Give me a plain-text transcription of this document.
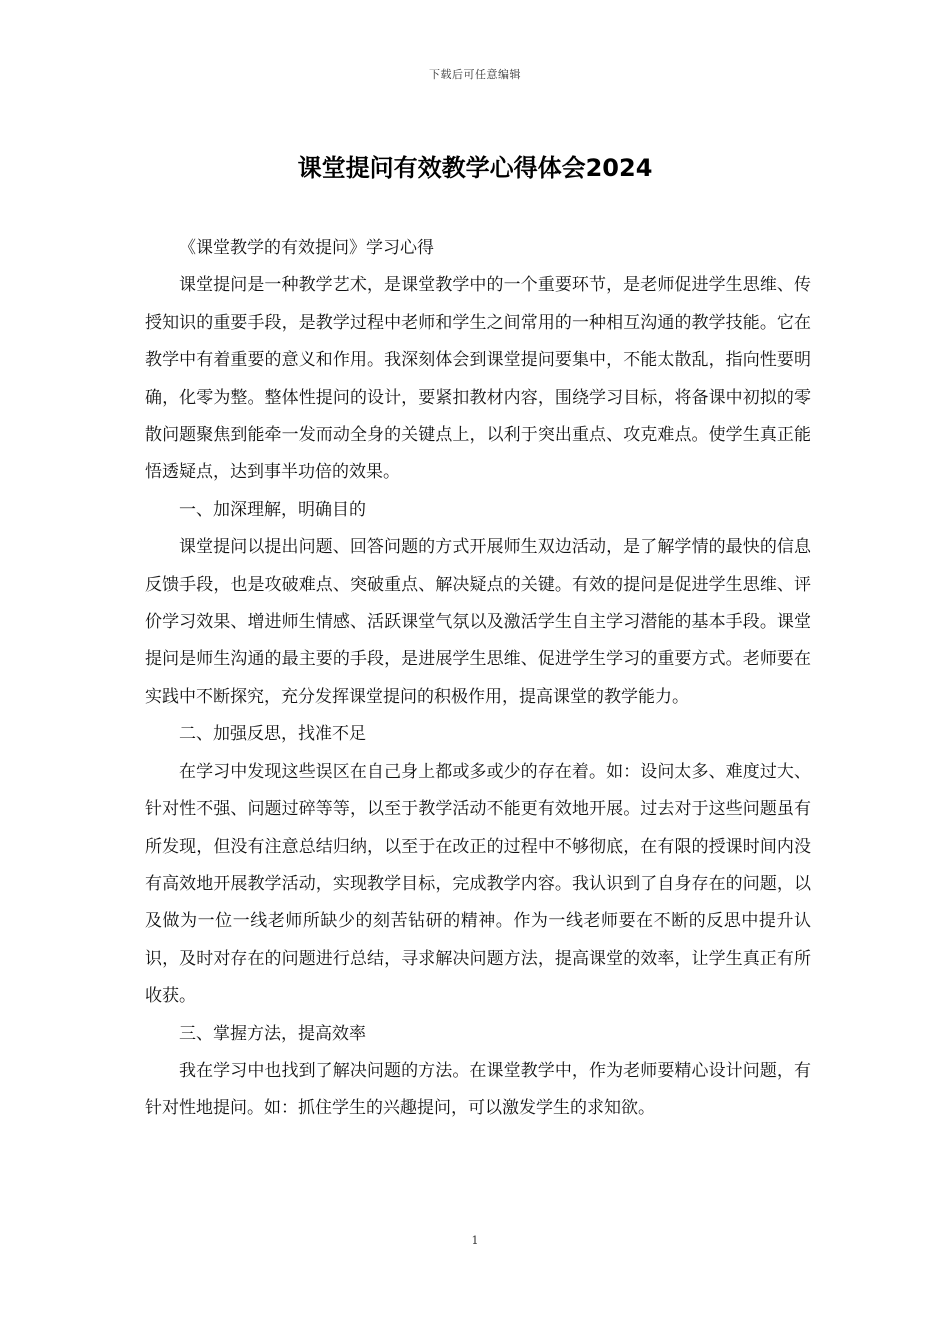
下载后可任意编辑
课堂提问有效教学心得体会2024

《课堂教学的有效提问》学习心得

课堂提问是一种教学艺术，是课堂教学中的一个重要环节，是老师促进学生思维、传授知识的重要手段，是教学过程中老师和学生之间常用的一种相互沟通的教学技能。它在教学中有着重要的意义和作用。我深刻体会到课堂提问要集中，不能太散乱，指向性要明确，化零为整。整体性提问的设计，要紧扣教材内容，围绕学习目标，将备课中初拟的零散问题聚焦到能牵一发而动全身的关键点上，以利于突出重点、攻克难点。使学生真正能悟透疑点，达到事半功倍的效果。

一、加深理解，明确目的

课堂提问以提出问题、回答问题的方式开展师生双边活动，是了解学情的最快的信息反馈手段，也是攻破难点、突破重点、解决疑点的关键。有效的提问是促进学生思维、评价学习效果、增进师生情感、活跃课堂气氛以及激活学生自主学习潜能的基本手段。课堂提问是师生沟通的最主要的手段，是进展学生思维、促进学生学习的重要方式。老师要在实践中不断探究，充分发挥课堂提问的积极作用，提高课堂的教学能力。

二、加强反思，找准不足

在学习中发现这些误区在自己身上都或多或少的存在着。如：设问太多、难度过大、针对性不强、问题过碎等等，以至于教学活动不能更有效地开展。过去对于这些问题虽有所发现，但没有注意总结归纳，以至于在改正的过程中不够彻底，在有限的授课时间内没有高效地开展教学活动，实现教学目标，完成教学内容。我认识到了自身存在的问题，以及做为一位一线老师所缺少的刻苦钻研的精神。作为一线老师要在不断的反思中提升认识，及时对存在的问题进行总结，寻求解决问题方法，提高课堂的效率，让学生真正有所收获。

三、掌握方法，提高效率

我在学习中也找到了解决问题的方法。在课堂教学中，作为老师要精心设计问题，有针对性地提问。如：抓住学生的兴趣提问，可以激发学生的求知欲。

1
